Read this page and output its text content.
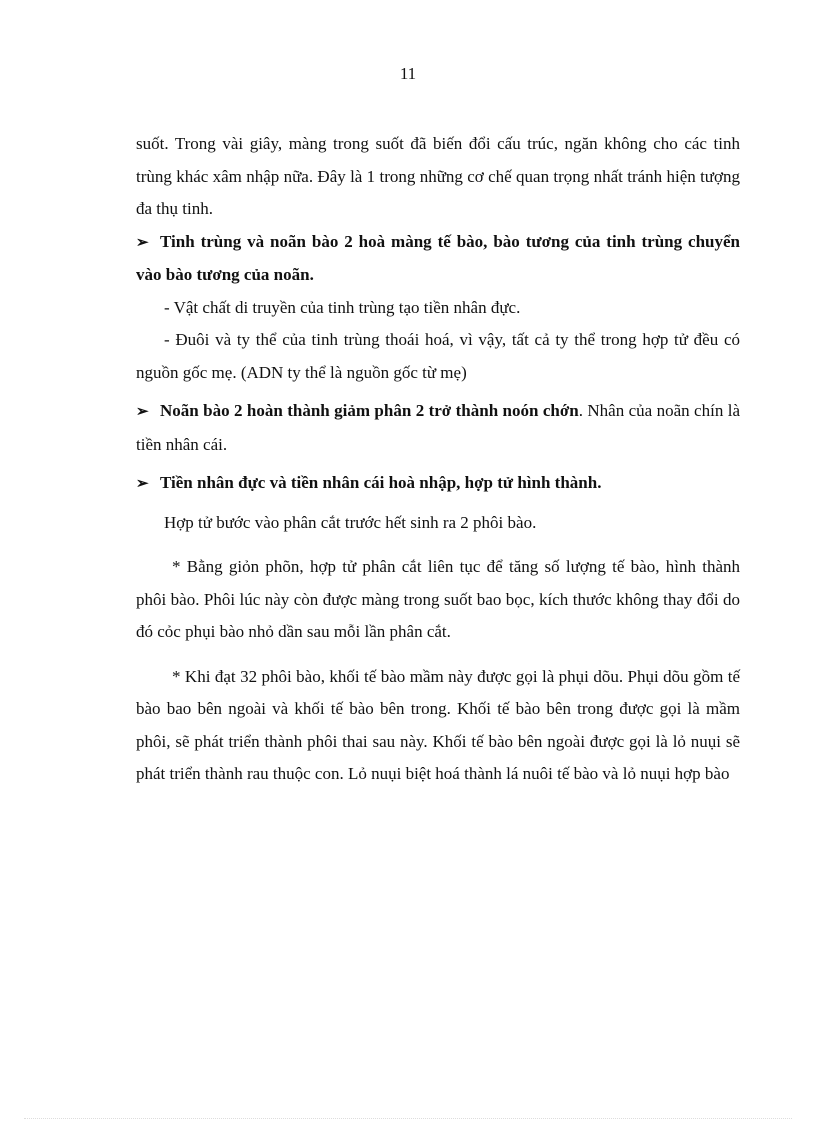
11

suốt. Trong vài giây, màng trong suốt đã biến đổi cấu trúc, ngăn không cho các tinh trùng khác xâm nhập nữa. Đây là 1 trong những cơ chế quan trọng nhất tránh hiện tượng đa thụ tinh.

➢ Tinh trùng và noãn bào 2 hoà màng tế bào, bào tương của tinh trùng chuyển vào bào tương của noãn.

- Vật chất di truyền của tinh trùng tạo tiền nhân đực.

- Đuôi và ty thể của tinh trùng thoái hoá, vì vậy, tất cả ty thể trong hợp tử đều có nguồn gốc mẹ. (ADN ty thể là nguồn gốc từ mẹ)

➢ Noãn bào 2 hoàn thành giảm phân 2 trở thành noón chớn. Nhân của noãn chín là tiền nhân cái.

➢ Tiền nhân đực và tiền nhân cái hoà nhập, hợp tử hình thành.

Hợp tử bước vào phân cắt trước hết sinh ra 2 phôi bào.

* Bằng giỏn phõn, hợp tử phân cắt liên tục để tăng số lượng tế bào, hình thành phôi bào. Phôi lúc này còn được màng trong suốt bao bọc, kích thước không thay đổi do đó cỏc phụi bào nhỏ dần sau mỗi lần phân cắt.

* Khi đạt 32 phôi bào, khối tế bào mầm này được gọi là phụi dõu. Phụi dõu gồm tế bào bao bên ngoài và khối tế bào bên trong. Khối tế bào bên trong được gọi là mầm phôi, sẽ phát triển thành phôi thai sau này. Khối tế bào bên ngoài được gọi là lỏ nuụi sẽ phát triển thành rau thuộc con. Lỏ nuụi biệt hoá thành lá nuôi tế bào và lỏ nuụi hợp bào
